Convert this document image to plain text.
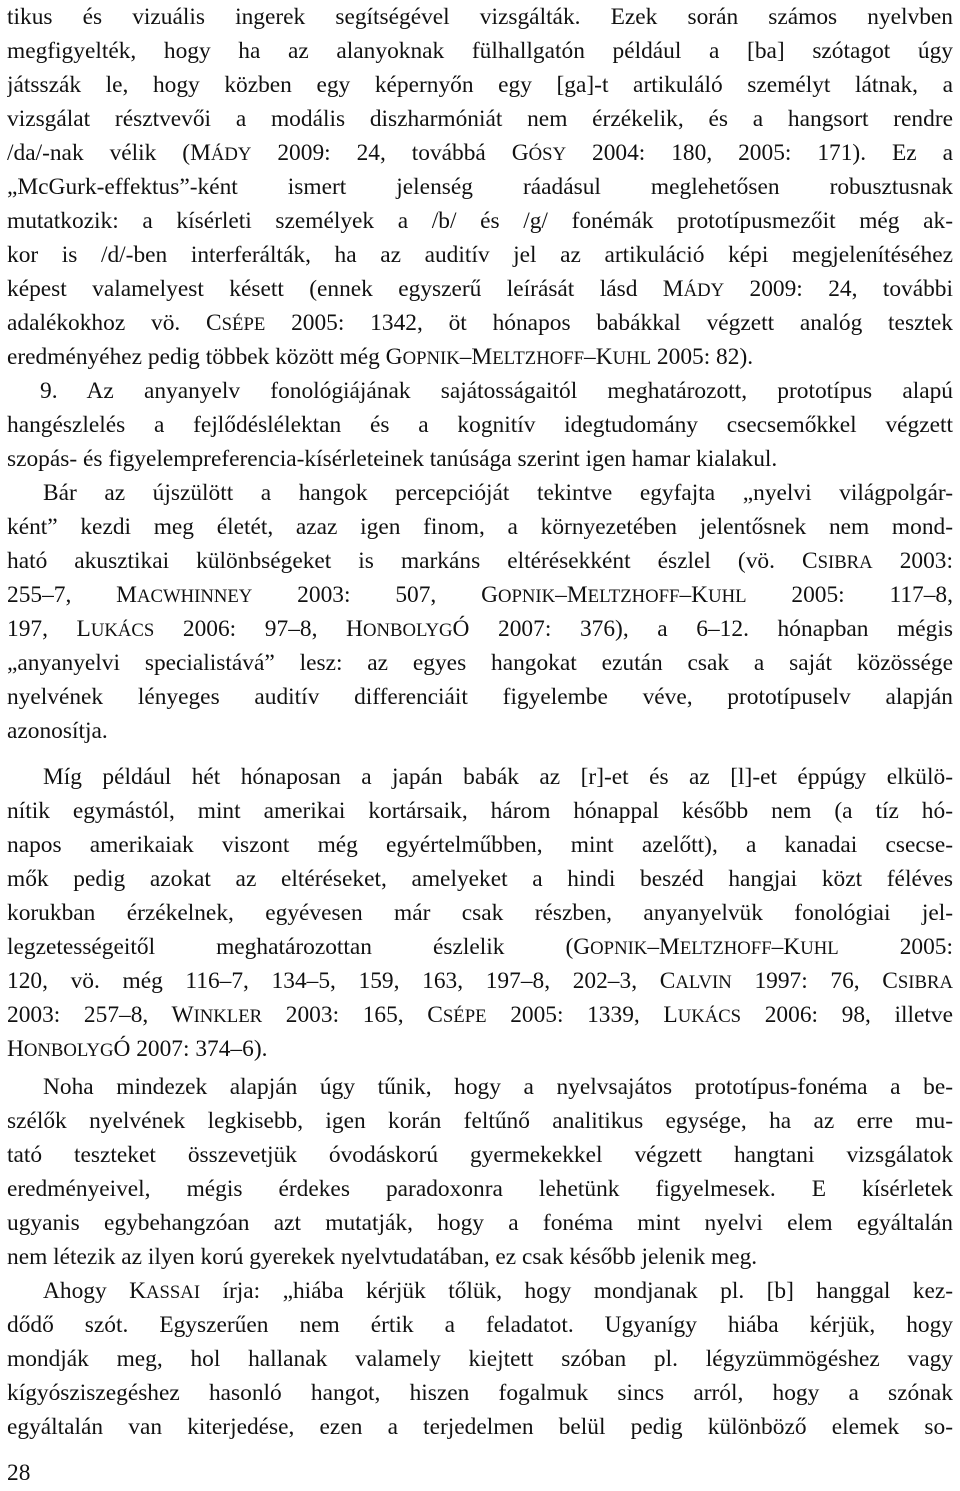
tikus és vizuális ingerek segítségével vizsgálták. Ezek során számos nyelvben
megfigyelték, hogy ha az alanyoknak fülhallgatón például a [ba] szótagot úgy
játsszák le, hogy közben egy képernyőn egy [ga]-t artikuláló személyt látnak, a
vizsgálat résztvevői a modális diszharmóniát nem érzékelik, és a hangsort rendre
/da/-nak vélik (MÁDY 2009: 24, továbbá GÓSY 2004: 180, 2005: 171). Ez a
„McGurk-effektus”-ként ismert jelenség ráadásul meglehetősen robusztusnak
mutatkozik: a kísérleti személyek a /b/ és /g/ fonémák prototípusmezőit még ak-
kor is /d/-ben interferálták, ha az auditív jel az artikuláció képi megjelenítéséhez
képest valamelyest késett (ennek egyszerű leírását lásd MÁDY 2009: 24, további
adalékokhoz vö. CSÉPE 2005: 1342, öt hónapos babákkal végzett analóg tesztek
eredményéhez pedig többek között még GOPNIK–MELTZHOFF–KUHL 2005: 82).
9. Az anyanyelv fonológiájának sajátosságaitól meghatározott, prototípus alapú
hangészlelés a fejlődéslélektan és a kognitív idegtudomány csecsemőkkel végzett
szopás- és figyelempreferencia-kísérleteinek tanúsága szerint igen hamar kialakul.
Bár az újszülött a hangok percepcióját tekintve egyfajta „nyelvi világpolgár-
ként” kezdi meg életét, azaz igen finom, a környezetében jelentősnek nem mond-
ható akusztikai különbségeket is markáns eltérésekként észlel (vö. CSIBRA 2003:
255–7, MACWHINNEY 2003: 507, GOPNIK–MELTZHOFF–KUHL 2005: 117–8,
197, LUKÁCS 2006: 97–8, HONBOLYGÓ 2007: 376), a 6–12. hónapban mégis
„anyanyelvi specialistává” lesz: az egyes hangokat ezután csak a saját közössége
nyelvének lényeges auditív differenciáit figyelembe véve, prototípuselv alapján
azonosítja.
Míg például hét hónaposan a japán babák az [r]-et és az [l]-et éppúgy elkülö-
nítik egymástól, mint amerikai kortársaik, három hónappal később nem (a tíz hó-
napos amerikaiak viszont még egyértelműbben, mint azelőtt), a kanadai csecse-
mők pedig azokat az eltéréseket, amelyeket a hindi beszéd hangjai közt féléves
korukban érzékelnek, egyévesen már csak részben, anyanyelvük fonológiai jel-
legzetességeitől meghatározottan észlelik (GOPNIK–MELTZHOFF–KUHL 2005:
120, vö. még 116–7, 134–5, 159, 163, 197–8, 202–3, CALVIN 1997: 76, CSIBRA
2003: 257–8, WINKLER 2003: 165, CSÉPE 2005: 1339, LUKÁCS 2006: 98, illetve
HONBOLYGÓ 2007: 374–6).
Noha mindezek alapján úgy tűnik, hogy a nyelvsajátos prototípus-fonéma a be-
szélők nyelvének legkisebb, igen korán feltűnő analitikus egysége, ha az erre mu-
tató teszteket összevetjük óvodáskorú gyermekekkel végzett hangtani vizsgálatok
eredményeivel, mégis érdekes paradoxonra lehetünk figyelmesek. E kísérletek
ugyanis egybehangzóan azt mutatják, hogy a fonéma mint nyelvi elem egyáltalán
nem létezik az ilyen korú gyerekek nyelvtudatában, ez csak később jelenik meg.
Ahogy KASSAI írja: „hiába kérjük tőlük, hogy mondjanak pl. [b] hanggal kez-
dődő szót. Egyszerűen nem értik a feladatot. Ugyanígy hiába kérjük, hogy
mondják meg, hol hallanak valamely kiejtett szóban pl. légyzümmögéshez vagy
kígyósziszegéshez hasonló hangot, hiszen fogalmuk sincs arról, hogy a szónak
egyáltalán van kiterjedése, ezen a terjedelmen belül pedig különböző elemek so-
28
